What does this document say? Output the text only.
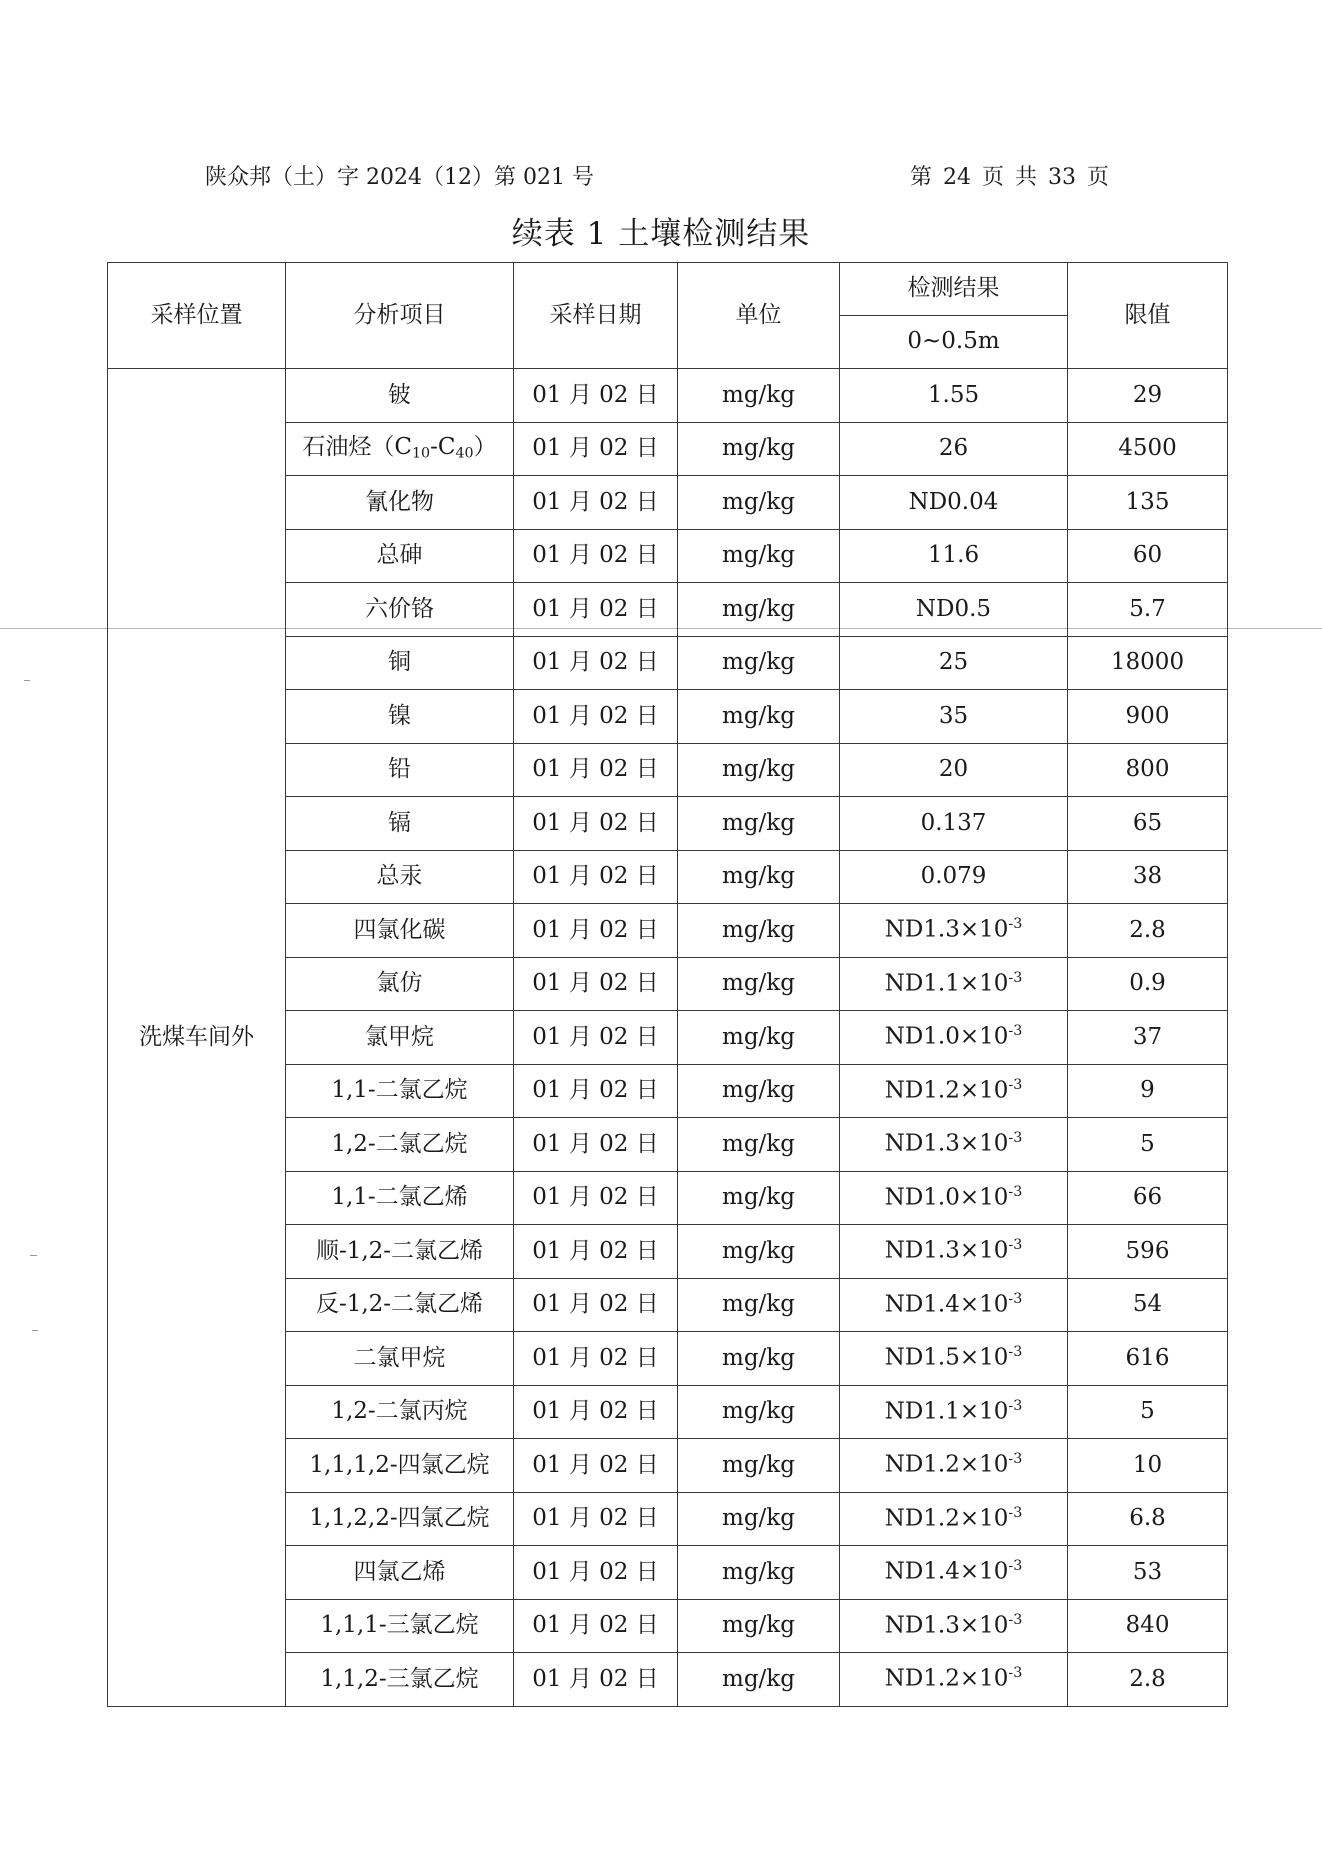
陕众邦（土）字 2024（12）第 021 号	第 24 页 共 33 页
续表 1 土壤检测结果
采样位置	分析项目	采样日期	单位	检测结果	限值
				0~0.5m	
洗煤车间外	铍	01 月 02 日	mg/kg	1.55	29
	石油烃$(C_{10}-C_{40})$	01 月 02 日	mg/kg	26	4500
	氰化物	01 月 02 日	mg/kg	ND0.04	135
	总砷	01 月 02 日	mg/kg	11.6	60
	六价铬	01 月 02 日	mg/kg	ND0.5	5.7
	铜	01 月 02 日	mg/kg	25	18000
	镍	01 月 02 日	mg/kg	35	900
	铅	01 月 02 日	mg/kg	20	800
	镉	01 月 02 日	mg/kg	0.137	65
	总汞	01 月 02 日	mg/kg	0.079	38
	四氯化碳	01 月 02 日	mg/kg	$ND1.3\times 10^{-3}$	2.8
	氯仿	01 月 02 日	mg/kg	$ND1.1\times 10^{-3}$	0.9
	氯甲烷	01 月 02 日	mg/kg	$ND1.0\times 10^{-3}$	37
	1,1-二氯乙烷	01 月 02 日	mg/kg	$ND1.2\times 10^{-3}$	9
	1,2-二氯乙烷	01 月 02 日	mg/kg	$ND1.3\times 10^{-3}$	5
	1,1-二氯乙烯	01 月 02 日	mg/kg	$ND1.0\times 10^{-3}$	66
	顺-1,2-二氯乙烯	01 月 02 日	mg/kg	$ND1.3\times 10^{-3}$	596
	反-1,2-二氯乙烯	01 月 02 日	mg/kg	$ND1.4\times 10^{-3}$	54
	二氯甲烷	01 月 02 日	mg/kg	$ND1.5\times 10^{-3}$	616
	1,2-二氯丙烷	01 月 02 日	mg/kg	$ND1.1\times 10^{-3}$	5
	1,1,1,2-四氯乙烷	01 月 02 日	mg/kg	$ND1.2\times 10^{-3}$	10
	1,1,2,2-四氯乙烷	01 月 02 日	mg/kg	$ND1.2\times 10^{-3}$	6.8
	四氯乙烯	01 月 02 日	mg/kg	$ND1.4\times 10^{-3}$	53
	1,1,1-三氯乙烷	01 月 02 日	mg/kg	$ND1.3\times 10^{-3}$	840
	1,1,2-三氯乙烷	01 月 02 日	mg/kg	$ND1.2\times 10^{-3}$	2.8
